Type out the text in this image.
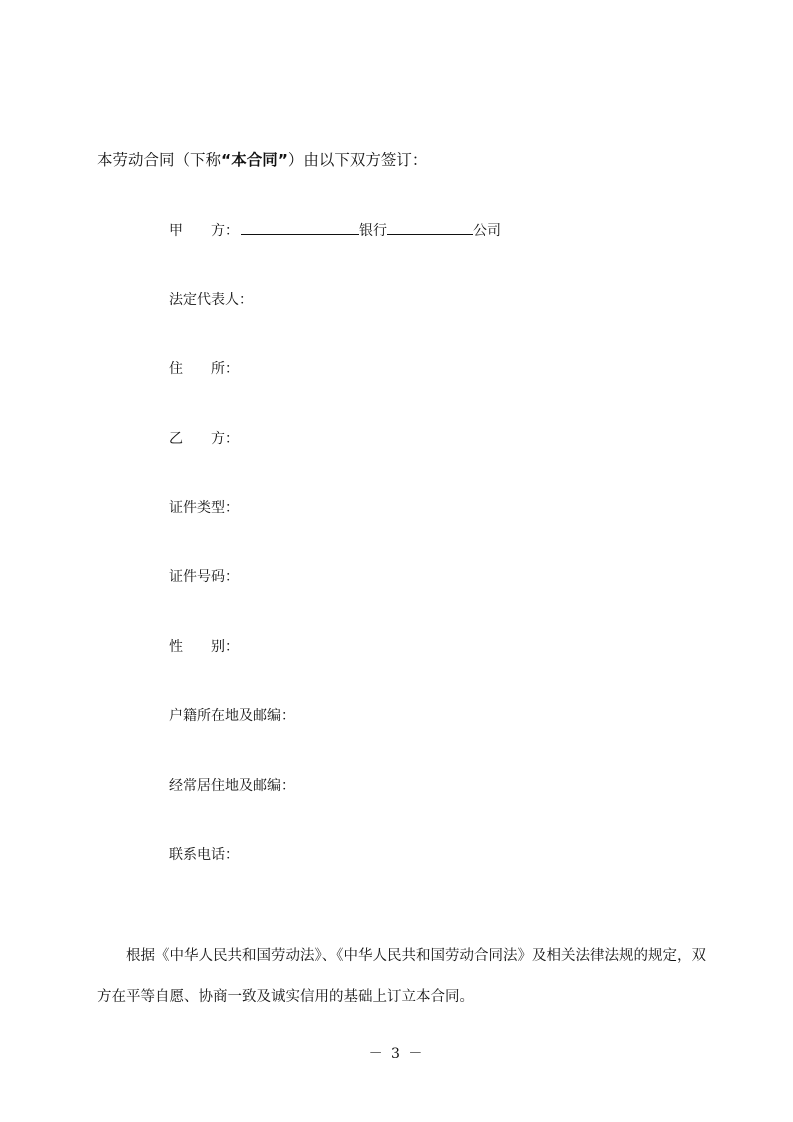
本劳动合同（下称“本合同”）由以下双方签订：
甲　　方：	银行	公司
法定代表人：
住　　所：
乙　　方：
证件类型：
证件号码：
性　　别：
户籍所在地及邮编：
经常居住地及邮编：
联系电话：
根据《中华人民共和国劳动法》、《中华人民共和国劳动合同法》及相关法律法规的规定，双
方在平等自愿、协商一致及诚实信用的基础上订立本合同。
－ 3 －
